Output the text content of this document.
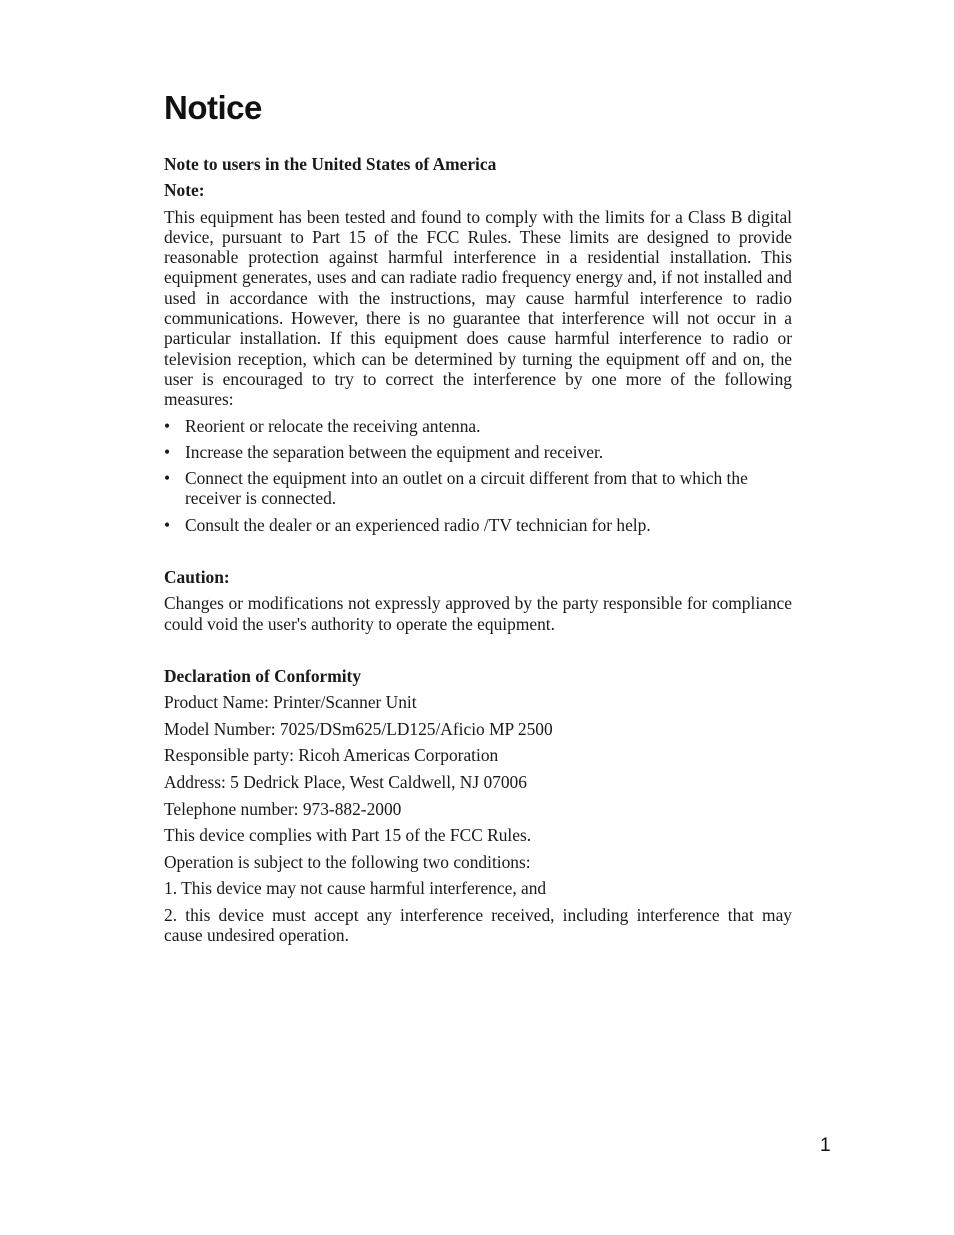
Notice
Note to users in the United States of America
Note:

This equipment has been tested and found to comply with the limits for a Class B digital device, pursuant to Part 15 of the FCC Rules. These limits are designed to provide reasonable protection against harmful interference in a residential installation. This equipment generates, uses and can radiate radio frequency energy and, if not installed and used in accordance with the instructions, may cause harmful interference to radio communications. However, there is no guarantee that interference will not occur in a particular installation. If this equipment does cause harmful interference to radio or television reception, which can be determined by turning the equipment off and on, the user is encouraged to try to correct the interference by one more of the following measures:

• Reorient or relocate the receiving antenna.
• Increase the separation between the equipment and receiver.
• Connect the equipment into an outlet on a circuit different from that to which the receiver is connected.
• Consult the dealer or an experienced radio /TV technician for help.
Caution:

Changes or modifications not expressly approved by the party responsible for compliance could void the user's authority to operate the equipment.

Declaration of Conformity
Product Name: Printer/Scanner Unit
Model Number: 7025/DSm625/LD125/Aficio MP 2500
Responsible party: Ricoh Americas Corporation
Address: 5 Dedrick Place, West Caldwell, NJ 07006
Telephone number: 973-882-2000
This device complies with Part 15 of the FCC Rules.
Operation is subject to the following two conditions:
1. This device may not cause harmful interference, and

2. this device must accept any interference received, including interference that may cause undesired operation.

1
